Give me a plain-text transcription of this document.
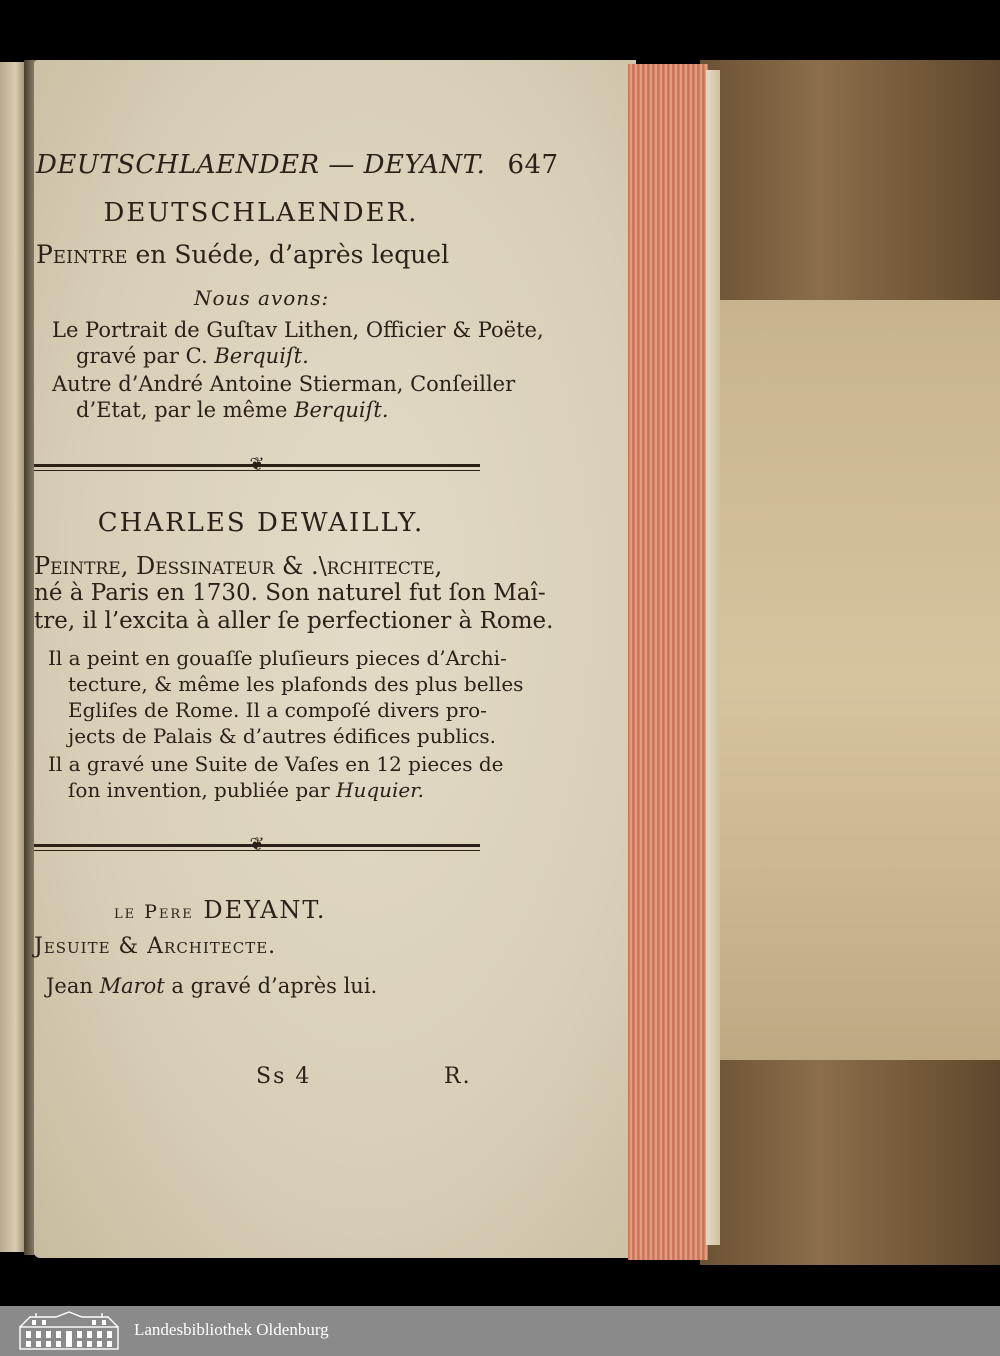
DEUTSCHLAENDER — DEYANT. 647
DEUTSCHLAENDER.
Peintre en Suéde, d’après lequel
Nous avons:
Le Portrait de Guſtav Lithen, Officier & Poëte,
gravé par C. Berquiſt.
Autre d’André Antoine Stierman, Conſeiller
d’Etat, par le même Berquiſt.
❦
CHARLES DEWAILLY.
Peintre, Dessinateur & .\rchitecte,
né à Paris en 1730. Son naturel fut ſon Maî-
tre, il l’excita à aller ſe perfectioner à Rome.
Il a peint en gouaſſe pluſieurs pieces d’Archi-
tecture, & même les plafonds des plus belles
Egliſes de Rome. Il a compoſé divers pro-
jects de Palais & d’autres édifices publics.
Il a gravé une Suite de Vaſes en 12 pieces de
ſon invention, publiée par Huquier.
❦
le Pere DEYANT.
Jesuite & Architecte.
Jean Marot a gravé d’après lui.
Ss 4	R.
Landesbibliothek Oldenburg
